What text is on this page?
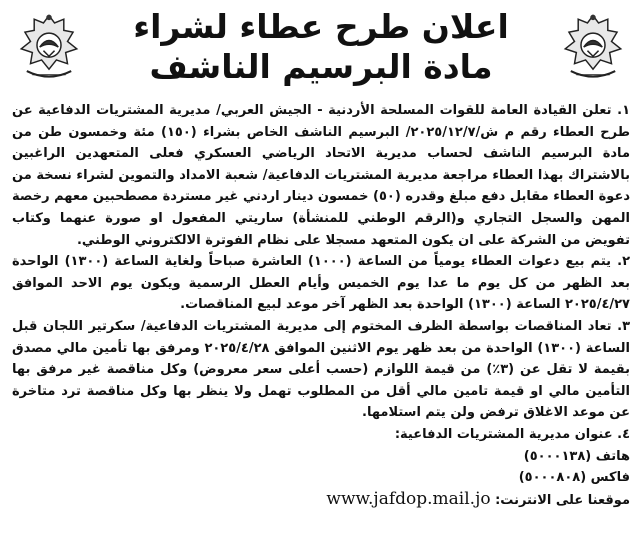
اعلان طرح عطاء لشراء
مادة البرسيم الناشف

١. تعلن القيادة العامة للقوات المسلحة الأردنية - الجيش العربي/ مديرية المشتريات الدفاعية عن طرح العطاء رقم م ش/٢٠٢٥/١٢/٧/ البرسيم الناشف الخاص بشراء (١٥٠) مئة وخمسون طن من مادة البرسيم الناشف لحساب مديرية الاتحاد الرياضي العسكري فعلى المتعهدين الراغبين بالاشتراك بهذا العطاء مراجعة مديرية المشتريات الدفاعية/ شعبة الامداد والتموين لشراء نسخة من دعوة العطاء مقابل دفع مبلغ وقدره (٥٠) خمسون دينار اردني غير مستردة مصطحبين معهم رخصة المهن والسجل التجاري و(الرقم الوطني للمنشأة) ساريتي المفعول او صورة عنهما وكتاب تفويض من الشركة على ان يكون المتعهد مسجلا على نظام الفوترة الالكتروني الوطني.

٢. يتم بيع دعوات العطاء يومياً من الساعة (١٠٠٠) العاشرة صباحاً ولغاية الساعة (١٣٠٠) الواحدة بعد الظهر من كل يوم ما عدا يوم الخميس وأيام العطل الرسمية ويكون يوم الاحد الموافق ٢٠٢٥/٤/٢٧ الساعة (١٣٠٠) الواحدة بعد الظهر آخر موعد لبيع المناقصات.

٣. تعاد المناقصات بواسطة الظرف المختوم إلى مديرية المشتريات الدفاعية/ سكرتير اللجان قبل الساعة (١٣٠٠) الواحدة من بعد ظهر يوم الاثنين الموافق ٢٠٢٥/٤/٢٨ ومرفق بها تأمين مالي مصدق بقيمة لا تقل عن (٣٪) من قيمة اللوازم (حسب أعلى سعر معروض) وكل مناقصة غير مرفق بها التأمين مالي او قيمة تامين مالي أقل من المطلوب تهمل ولا ينظر بها وكل مناقصة ترد متاخرة عن موعد الاغلاق ترفض ولن يتم استلامها.

٤. عنوان مديرية المشتريات الدفاعية:

هاتف (٥٠٠٠١٣٨)

فاكس (٥٠٠٠٨٠٨)

موقعنا على الانترنت: www.jafdop.mail.jo
